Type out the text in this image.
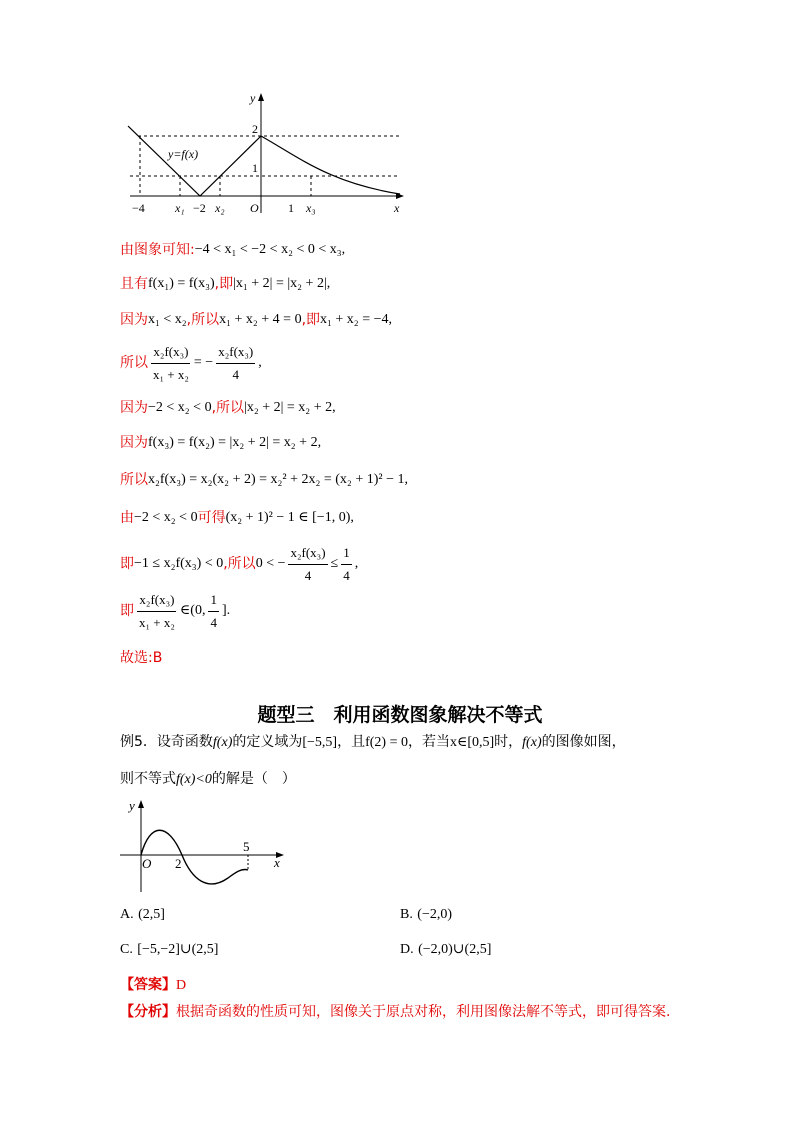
y
x
y=f(x)
2
1
−4	x₁ −2 x₂ O 1 x₃
由图象可知: −4 < x₁ < −2 < x₂ < 0 < x₃ ,
且有 f(x₁) = f(x₃) ,即 |x₁ + 2| = |x₂ + 2| ,
因为 x₁ < x₂ ,所以 x₁ + x₂ + 4 = 0 ,即 x₁ + x₂ = −4 ,
所以 $\frac{\text{x₂f(x₃)}}{\text{x₁ + x₂}}$ = − $\frac{\text{x₂f(x₃)}}{4}$ ,
因为 −2 < x₂ < 0 ,所以 |x₂ + 2| = x₂ + 2 ,
因为 f(x₃) = f(x₂) = |x₂ + 2| = x₂ + 2 ,
所以 x₂f(x₃) = x₂(x₂ + 2) = x₂² + 2x₂ = (x₂ + 1)² − 1 ,
由 −2 < x₂ < 0 可得 (x₂ + 1)² − 1 ∈ [−1, 0) ,
即 −1 ≤ x₂f(x₃) < 0 ,所以 0 < − $\frac{\text{x₂f(x₃)}}{4} \le \frac{1}{4}$ ,
即 $\frac{\text{x₂f(x₃)}}{\text{x₁ + x₂}}$ ∈ (0, $\frac{1}{4}$ ].
故选:B
题型三　利用函数图象解决不等式
例5．设奇函数f(x)的定义域为[−5,5]，且f(2) = 0，若当x∈[0,5]时，f(x)的图像如图，
则不等式f(x)<0的解是（　）
y
x
O 2
5
A. (2,5]	B. (−2,0)
C. [−5,−2]∪(2,5]	D. (−2,0)∪(2,5]
【答案】D
【分析】根据奇函数的性质可知，图像关于原点对称，利用图像法解不等式，即可得答案.
